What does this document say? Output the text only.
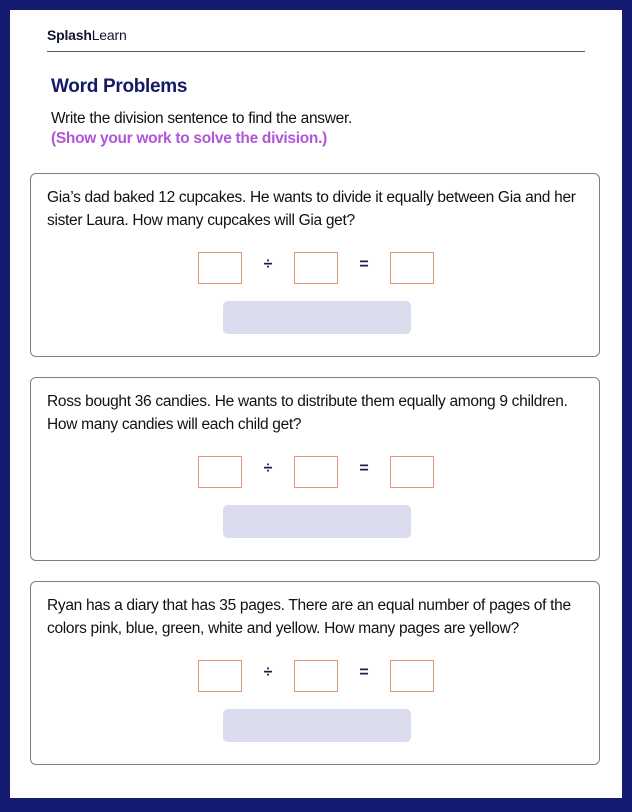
SplashLearn
Word Problems
Write the division sentence to find the answer.
(Show your work to solve the division.)
Gia’s dad baked 12 cupcakes. He wants to divide it equally between Gia and her sister Laura. How many cupcakes will Gia get?
÷	=
Ross bought 36 candies. He wants to distribute them equally among 9 children. How many candies will each child get?
÷	=
Ryan has a diary that has 35 pages. There are an equal number of pages of the colors pink, blue, green, white and yellow. How many pages are yellow?
÷	=
